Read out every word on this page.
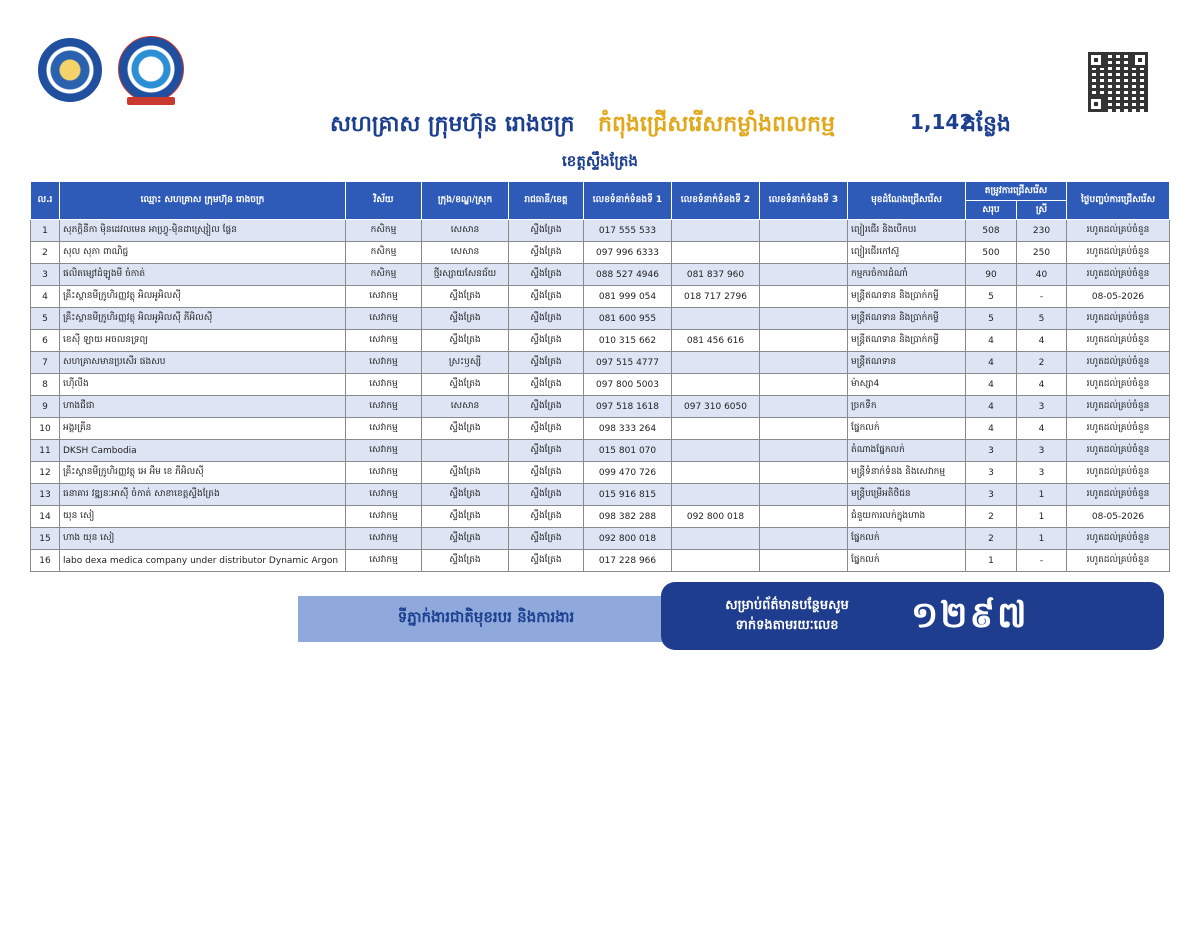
សហគ្រាស ក្រុមហ៊ុន រោងចក្រ កំពុងជ្រើសរើសកម្លាំងពលកម្ម	1,142
កន្លែង
ខេត្តស្ទឹងត្រែង
ល.រ	ឈ្មោះ សហគ្រាស ក្រុមហ៊ុន រោងចក្រ	វិស័យ	ក្រុង/ខណ្ឌ/ស្រុក	រាជធានី/ខេត្ត	លេខទំនាក់ទំនងទី 1	លេខទំនាក់ទំនងទី 2	លេខទំនាក់ទំនងទី 3	មុខដំណែងជ្រើសរើស	តម្រូវការជ្រើសរើស		ថ្ងៃបញ្ចប់ការជ្រើសរើស
									សរុប	ស្រី	
1	សុភក្តិនីកា ម៉ិនដេវលមេន អាហ្វ្រូ-ម៉ិនដាស្ស្រៀល ផ្លែន	កសិកម្ម	សេសាន	ស្ទឹងត្រែង	017 555 533			ព្យៀរជើរ និងបើកបរ	508	230	រហូតដល់គ្រប់ចំនួន
2	សុល សុភា ពាណិជ្ជ	កសិកម្ម	សេសាន	ស្ទឹងត្រែង	097 996 6333			ព្យៀរជើរកៅស៊ូ	500	250	រហូតដល់គ្រប់ចំនួន
3	ផលិតម្សៅដំឡូងមី ចំកាត់	កសិកម្ម	ថ្មីរស្សាយសែនជ័យ	ស្ទឹងត្រែង	088 527 4946	081 837 960		កម្មករចំការដំណាំ	90	40	រហូតដល់គ្រប់ចំនួន
4	គ្រឹះស្ថានមីក្រូហិរញ្ញវត្ថុ អិលអូអិលស៊ី	សេវាកម្ម	ស្ទឹងត្រែង	ស្ទឹងត្រែង	081 999 054	018 717 2796		មន្ត្រីឥណទាន និងប្រាក់កម្ចី	5	-	08-05-2026
5	គ្រឹះស្ថានមីក្រូហិរញ្ញវត្ថុ អិលអូអិលស៊ី ភីអិលស៊ី	សេវាកម្ម	ស្ទឹងត្រែង	ស្ទឹងត្រែង	081 600 955			មន្ត្រីឥណទាន និងប្រាក់កម្ចី	5	5	រហូតដល់គ្រប់ចំនួន
6	ខេស៊ី ឡាយ អចលនទ្រព្យ	សេវាកម្ម	ស្ទឹងត្រែង	ស្ទឹងត្រែង	010 315 662	081 456 616		មន្ត្រីឥណទាន និងប្រាក់កម្ចី	4	4	រហូតដល់គ្រប់ចំនួន
7	សហគ្រាសមានប្រសើរ ផងសប	សេវាកម្ម	ស្រះឫស្សី	ស្ទឹងត្រែង	097 515 4777			មន្ត្រីឥណទាន	4	2	រហូតដល់គ្រប់ចំនួន
8	ហ៊ើលីង	សេវាកម្ម	ស្ទឹងត្រែង	ស្ទឹងត្រែង	097 800 5003			ម៉ាស្សា4	4	4	រហូតដល់គ្រប់ចំនួន
9	ហាងជីជា	សេវាកម្ម	សេសាន	ស្ទឹងត្រែង	097 518 1618	097 310 6050		ច្រកទឹក	4	3	រហូតដល់គ្រប់ចំនួន
10	អង្គរគ្រីន	សេវាកម្ម	ស្ទឹងត្រែង	ស្ទឹងត្រែង	098 333 264			ផ្នែកលក់	4	4	រហូតដល់គ្រប់ចំនួន
11	DKSH Cambodia	សេវាកម្ម		ស្ទឹងត្រែង	015 801 070			តំណាងផ្នែកលក់	3	3	រហូតដល់គ្រប់ចំនួន
12	គ្រឹះស្ថានមីក្រូហិរញ្ញវត្ថុ អេ អឹម ខេ ភីអិលស៊ី	សេវាកម្ម	ស្ទឹងត្រែង	ស្ទឹងត្រែង	099 470 726			មន្ត្រីទំនាក់ទំនង និងសេវាកម្ម	3	3	រហូតដល់គ្រប់ចំនួន
13	ធនាគារ វឌ្ឍនៈអាស៊ី ចំកាត់ សាខាខេត្តស្ទឹងត្រែង	សេវាកម្ម	ស្ទឹងត្រែង	ស្ទឹងត្រែង	015 916 815			មន្ត្រីបម្រើអតិថិជន	3	1	រហូតដល់គ្រប់ចំនួន
14	យុន សៀ	សេវាកម្ម	ស្ទឹងត្រែង	ស្ទឹងត្រែង	098 382 288	092 800 018		ជំនួយការលក់ក្នុងហាង	2	1	08-05-2026
15	ហាង យុន សៀ	សេវាកម្ម	ស្ទឹងត្រែង	ស្ទឹងត្រែង	092 800 018			ផ្នែកលក់	2	1	រហូតដល់គ្រប់ចំនួន
16	labo dexa medica company under distributor Dynamic Argon	សេវាកម្ម	ស្ទឹងត្រែង	ស្ទឹងត្រែង	017 228 966			ផ្នែកលក់	1	-	រហូតដល់គ្រប់ចំនួន
ទីភ្នាក់ងារជាតិមុខរបរ និងការងារ
សម្រាប់ព័ត៌មានបន្ថែមសូម
ទាក់ទងតាមរយៈលេខ	១២៩៧
